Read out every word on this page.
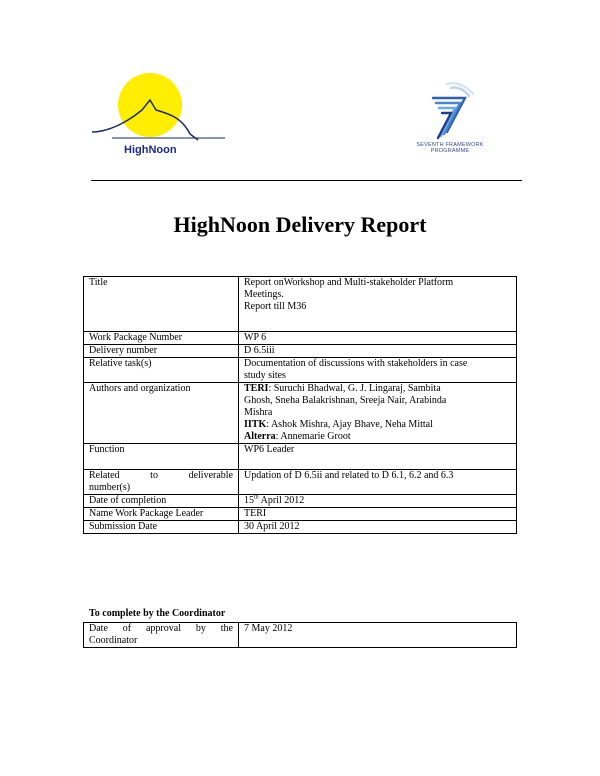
HighNoon	SEVENTH FRAMEWORK
PROGRAMME
HighNoon Delivery Report
Title	Report onWorkshop and Multi-stakeholder Platform
Meetings.
Report till M36
Work Package Number	WP 6
Delivery number	D 6.5iii
Relative task(s)	Documentation of discussions with stakeholders in case
study sites
Authors and organization	TERI: Suruchi Bhadwal, G. J. Lingaraj, Sambita
Ghosh, Sneha Balakrishnan, Sreeja Nair, Arabinda
Mishra
IITK: Ashok Mishra, Ajay Bhave, Neha Mittal
Alterra: Annemarie Groot
Function	WP6 Leader

Related to deliverable
number(s)	Updation of D 6.5ii and related to D 6.1, 6.2 and 6.3
Date of completion	15th April 2012
Name Work Package Leader	TERI
Submission Date	30 April 2012
To complete by the Coordinator
Date of approval by the
Coordinator	7 May 2012
